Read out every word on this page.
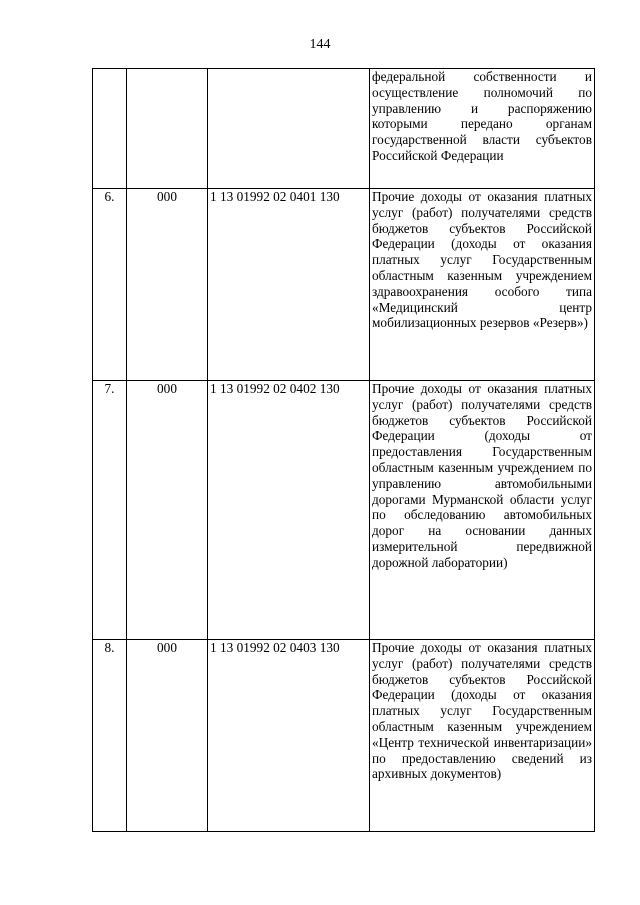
144
			федеральной собственности и осуществление полномочий по управлению и распоряжению которыми передано органам государственной власти субъектов Российской Федерации
6.	000	1 13 01992 02 0401 130	Прочие доходы от оказания платных услуг (работ) получателями средств бюджетов субъектов Российской Федерации (доходы от оказания платных услуг Государственным областным казенным учреждением здравоохранения особого типа «Медицинский центр мобилизационных резервов «Резерв»)
7.	000	1 13 01992 02 0402 130	Прочие доходы от оказания платных услуг (работ) получателями средств бюджетов субъектов Российской Федерации (доходы от предоставления Государственным областным казенным учреждением по управлению автомобильными дорогами Мурманской области услуг по обследованию автомобильных дорог на основании данных измерительной передвижной дорожной лаборатории)
8.	000	1 13 01992 02 0403 130	Прочие доходы от оказания платных услуг (работ) получателями средств бюджетов субъектов Российской Федерации (доходы от оказания платных услуг Государственным областным казенным учреждением «Центр технической инвентаризации» по предоставлению сведений из архивных документов)
